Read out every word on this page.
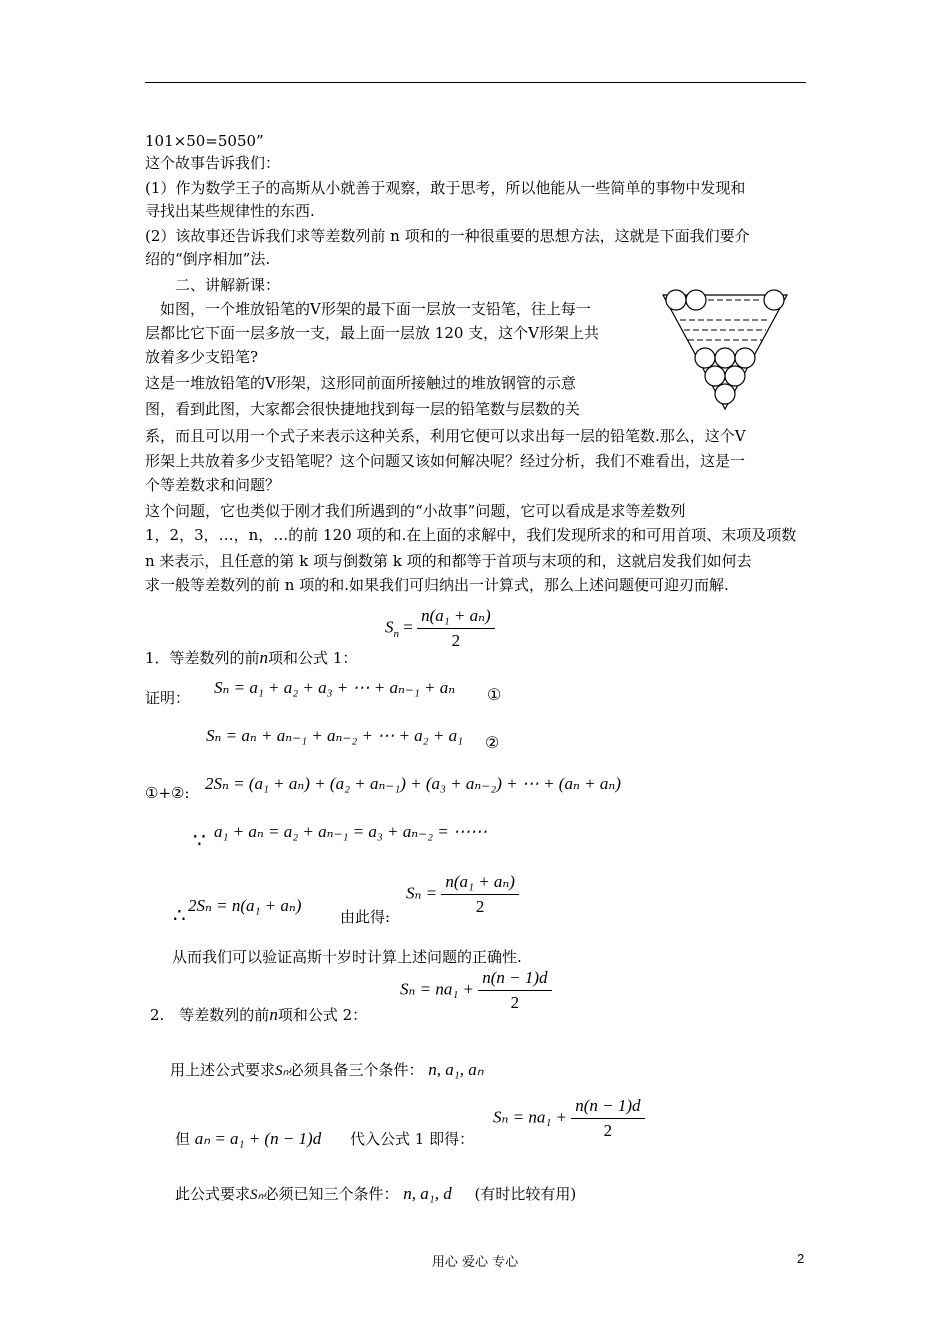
101×50=5050”
这个故事告诉我们：
(1）作为数学王子的高斯从小就善于观察，敢于思考，所以他能从一些简单的事物中发现和
寻找出某些规律性的东西.
(2）该故事还告诉我们求等差数列前 n 项和的一种很重要的思想方法，这就是下面我们要介
绍的“倒序相加”法.
　　二、讲解新课：
　如图，一个堆放铅笔的Ⅴ形架的最下面一层放一支铅笔，往上每一
层都比它下面一层多放一支，最上面一层放 120 支，这个Ⅴ形架上共
放着多少支铅笔?
这是一堆放铅笔的Ⅴ形架，这形同前面所接触过的堆放钢管的示意
图，看到此图，大家都会很快捷地找到每一层的铅笔数与层数的关
系，而且可以用一个式子来表示这种关系，利用它便可以求出每一层的铅笔数.那么，这个Ⅴ
形架上共放着多少支铅笔呢？这个问题又该如何解决呢？经过分析，我们不难看出，这是一
个等差数求和问题？
这个问题，它也类似于刚才我们所遇到的“小故事”问题，它可以看成是求等差数列
1，2，3，…，n，…的前 120 项的和.在上面的求解中，我们发现所求的和可用首项、末项及项数
n 来表示，且任意的第 k 项与倒数第 k 项的和都等于首项与末项的和，这就启发我们如何去
求一般等差数列的前 n 项的和.如果我们可归纳出一计算式，那么上述问题便可迎刃而解.
1．等差数列的前n项和公式 1：
$S_n = \frac{\text{n(a₁ + aₙ)}}{2}$
证明：
Sₙ = a₁ + a₂ + a₃ + ⋯ + aₙ₋₁ + aₙ ①
Sₙ = aₙ + aₙ₋₁ + aₙ₋₂ + ⋯ + a₂ + a₁ ②
①+②: 2Sₙ = (a₁ + aₙ) + (a₂ + aₙ₋₁) + (a₃ + aₙ₋₂) + ⋯ + (aₙ + aₙ)
∵ a₁ + aₙ = a₂ + aₙ₋₁ = a₃ + aₙ₋₂ = ⋯⋯
∴ 2Sₙ = n(a₁ + aₙ)
由此得:
$S_n = \frac{\text{n(a₁ + aₙ)}}{2}$
从而我们可以验证高斯十岁时计算上述问题的正确性.
2.　等差数列的前n项和公式 2：
$S_n = na_1 + \frac{n(n - 1)d}{2}$
用上述公式要求Sₙ必须具备三个条件： n, a₁, aₙ
但 aₙ = a₁ + (n − 1)d 代入公式 1 即得：
$S_n = na_1 + \frac{n(n - 1)d}{2}$
此公式要求Sₙ必须已知三个条件： n, a₁, d (有时比较有用)
用心 爱心 专心	2
